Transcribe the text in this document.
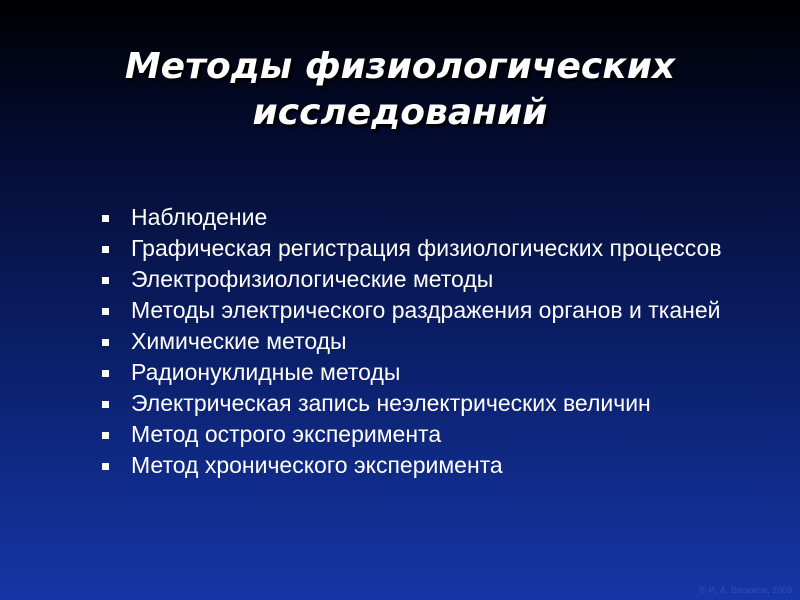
Методы физиологических
исследований
Наблюдение
Графическая регистрация физиологических процессов
Электрофизиологические методы
Методы электрического раздражения органов и тканей
Химические методы
Радионуклидные методы
Электрическая запись неэлектрических величин
Метод острого эксперимента
Метод хронического эксперимента
© И. А. Васюков, 2009
